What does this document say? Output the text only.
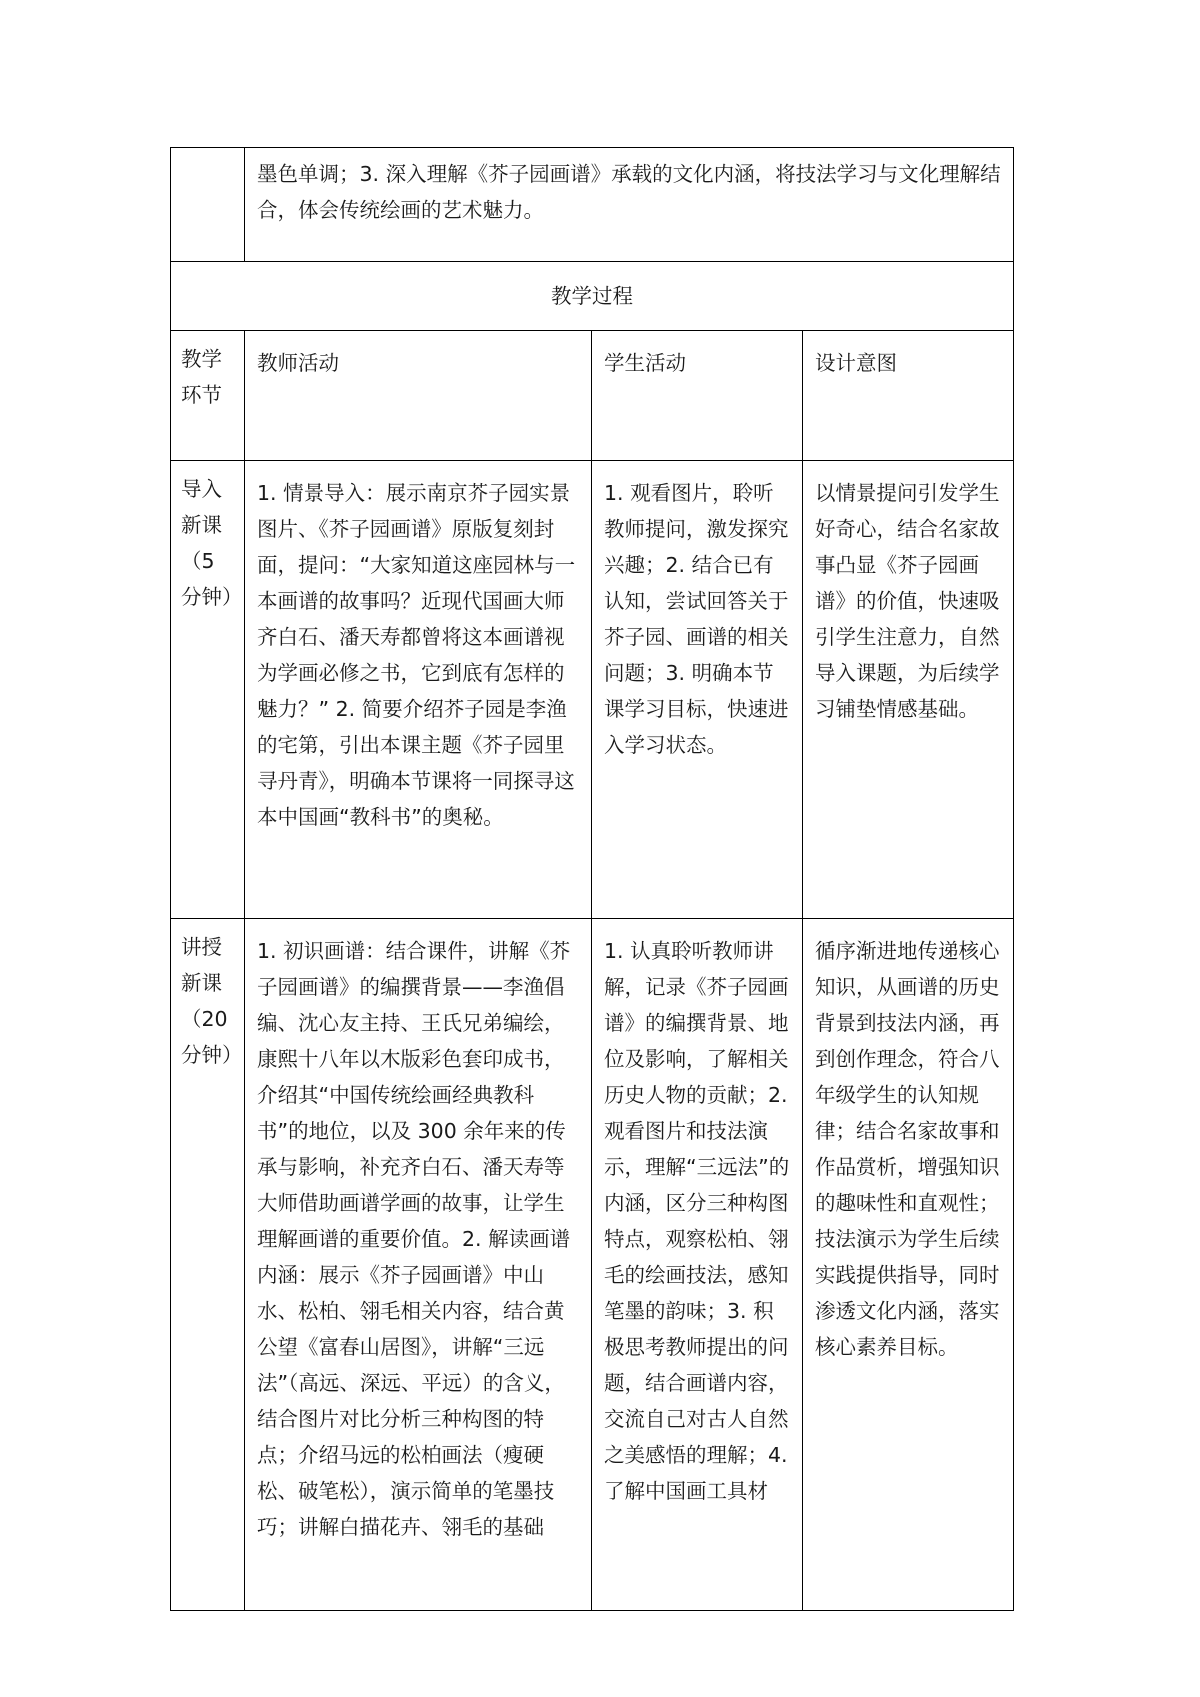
	墨色单调；3. 深入理解《芥子园画谱》承载的文化内涵，将技法学习与文化理解结合，体会传统绘画的艺术魅力。		
教学过程			
教学环节	教师活动	学生活动	设计意图
导入新课（5分钟）	1. 情景导入：展示南京芥子园实景图片、《芥子园画谱》原版复刻封面，提问：“大家知道这座园林与一本画谱的故事吗？近现代国画大师齐白石、潘天寿都曾将这本画谱视为学画必修之书，它到底有怎样的魅力？” 2. 简要介绍芥子园是李渔的宅第，引出本课主题《芥子园里寻丹青》，明确本节课将一同探寻这本中国画“教科书”的奥秘。	1. 观看图片，聆听教师提问，激发探究兴趣；2. 结合已有认知，尝试回答关于芥子园、画谱的相关问题；3. 明确本节课学习目标，快速进入学习状态。	以情景提问引发学生好奇心，结合名家故事凸显《芥子园画谱》的价值，快速吸引学生注意力，自然导入课题，为后续学习铺垫情感基础。
讲授新课（20分钟）	1. 初识画谱：结合课件，讲解《芥子园画谱》的编撰背景——李渔倡编、沈心友主持、王氏兄弟编绘，康熙十八年以木版彩色套印成书，介绍其“中国传统绘画经典教科书”的地位，以及 300 余年来的传承与影响，补充齐白石、潘天寿等大师借助画谱学画的故事，让学生理解画谱的重要价值。2. 解读画谱内涵：展示《芥子园画谱》中山水、松柏、翎毛相关内容，结合黄公望《富春山居图》，讲解“三远法”（高远、深远、平远）的含义，结合图片对比分析三种构图的特点；介绍马远的松柏画法（瘦硬松、破笔松），演示简单的笔墨技巧；讲解白描花卉、翎毛的基础	1. 认真聆听教师讲解，记录《芥子园画谱》的编撰背景、地位及影响，了解相关历史人物的贡献；2. 观看图片和技法演示，理解“三远法”的内涵，区分三种构图特点，观察松柏、翎毛的绘画技法，感知笔墨的韵味；3. 积极思考教师提出的问题，结合画谱内容，交流自己对古人自然之美感悟的理解；4. 了解中国画工具材	循序渐进地传递核心知识，从画谱的历史背景到技法内涵，再到创作理念，符合八年级学生的认知规律；结合名家故事和作品赏析，增强知识的趣味性和直观性；技法演示为学生后续实践提供指导，同时渗透文化内涵，落实核心素养目标。
